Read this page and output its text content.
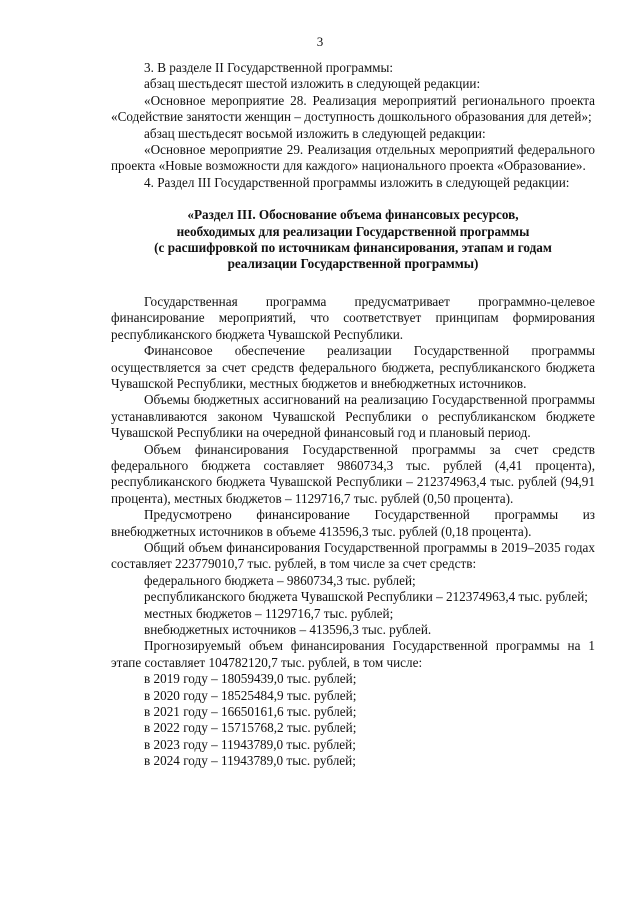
3

3. В разделе II Государственной программы:

абзац шестьдесят шестой изложить в следующей редакции:

«Основное мероприятие 28. Реализация мероприятий регионального проекта «Содействие занятости женщин – доступность дошкольного образования для детей»;

абзац шестьдесят восьмой изложить в следующей редакции:

«Основное мероприятие 29. Реализация отдельных мероприятий федерального проекта «Новые возможности для каждого» национального проекта «Образование».

4. Раздел III Государственной программы изложить в следующей редакции:

«Раздел III. Обоснование объема финансовых ресурсов,

необходимых для реализации Государственной программы

(с расшифровкой по источникам финансирования, этапам и годам

реализации Государственной программы)

Государственная программа предусматривает программно-целевое финансирование мероприятий, что соответствует принципам формирования республиканского бюджета Чувашской Республики.

Финансовое обеспечение реализации Государственной программы осуществляется за счет средств федерального бюджета, республиканского бюджета Чувашской Республики, местных бюджетов и внебюджетных источников.

Объемы бюджетных ассигнований на реализацию Государственной программы устанавливаются законом Чувашской Республики о республиканском бюджете Чувашской Республики на очередной финансовый год и плановый период.

Объем финансирования Государственной программы за счет средств федерального бюджета составляет 9860734,3 тыс. рублей (4,41 процента), республиканского бюджета Чувашской Республики – 212374963,4 тыс. рублей (94,91 процента), местных бюджетов – 1129716,7 тыс. рублей (0,50 процента).

Предусмотрено финансирование Государственной программы из внебюджетных источников в объеме 413596,3 тыс. рублей (0,18 процента).

Общий объем финансирования Государственной программы в 2019–2035 годах составляет 223779010,7 тыс. рублей, в том числе за счет средств:

федерального бюджета – 9860734,3 тыс. рублей;

республиканского бюджета Чувашской Республики – 212374963,4 тыс. рублей;

местных бюджетов – 1129716,7 тыс. рублей;

внебюджетных источников – 413596,3 тыс. рублей.

Прогнозируемый объем финансирования Государственной программы на 1 этапе составляет 104782120,7 тыс. рублей, в том числе:

в 2019 году – 18059439,0 тыс. рублей;

в 2020 году – 18525484,9 тыс. рублей;

в 2021 году – 16650161,6 тыс. рублей;

в 2022 году – 15715768,2 тыс. рублей;

в 2023 году – 11943789,0 тыс. рублей;

в 2024 году – 11943789,0 тыс. рублей;
